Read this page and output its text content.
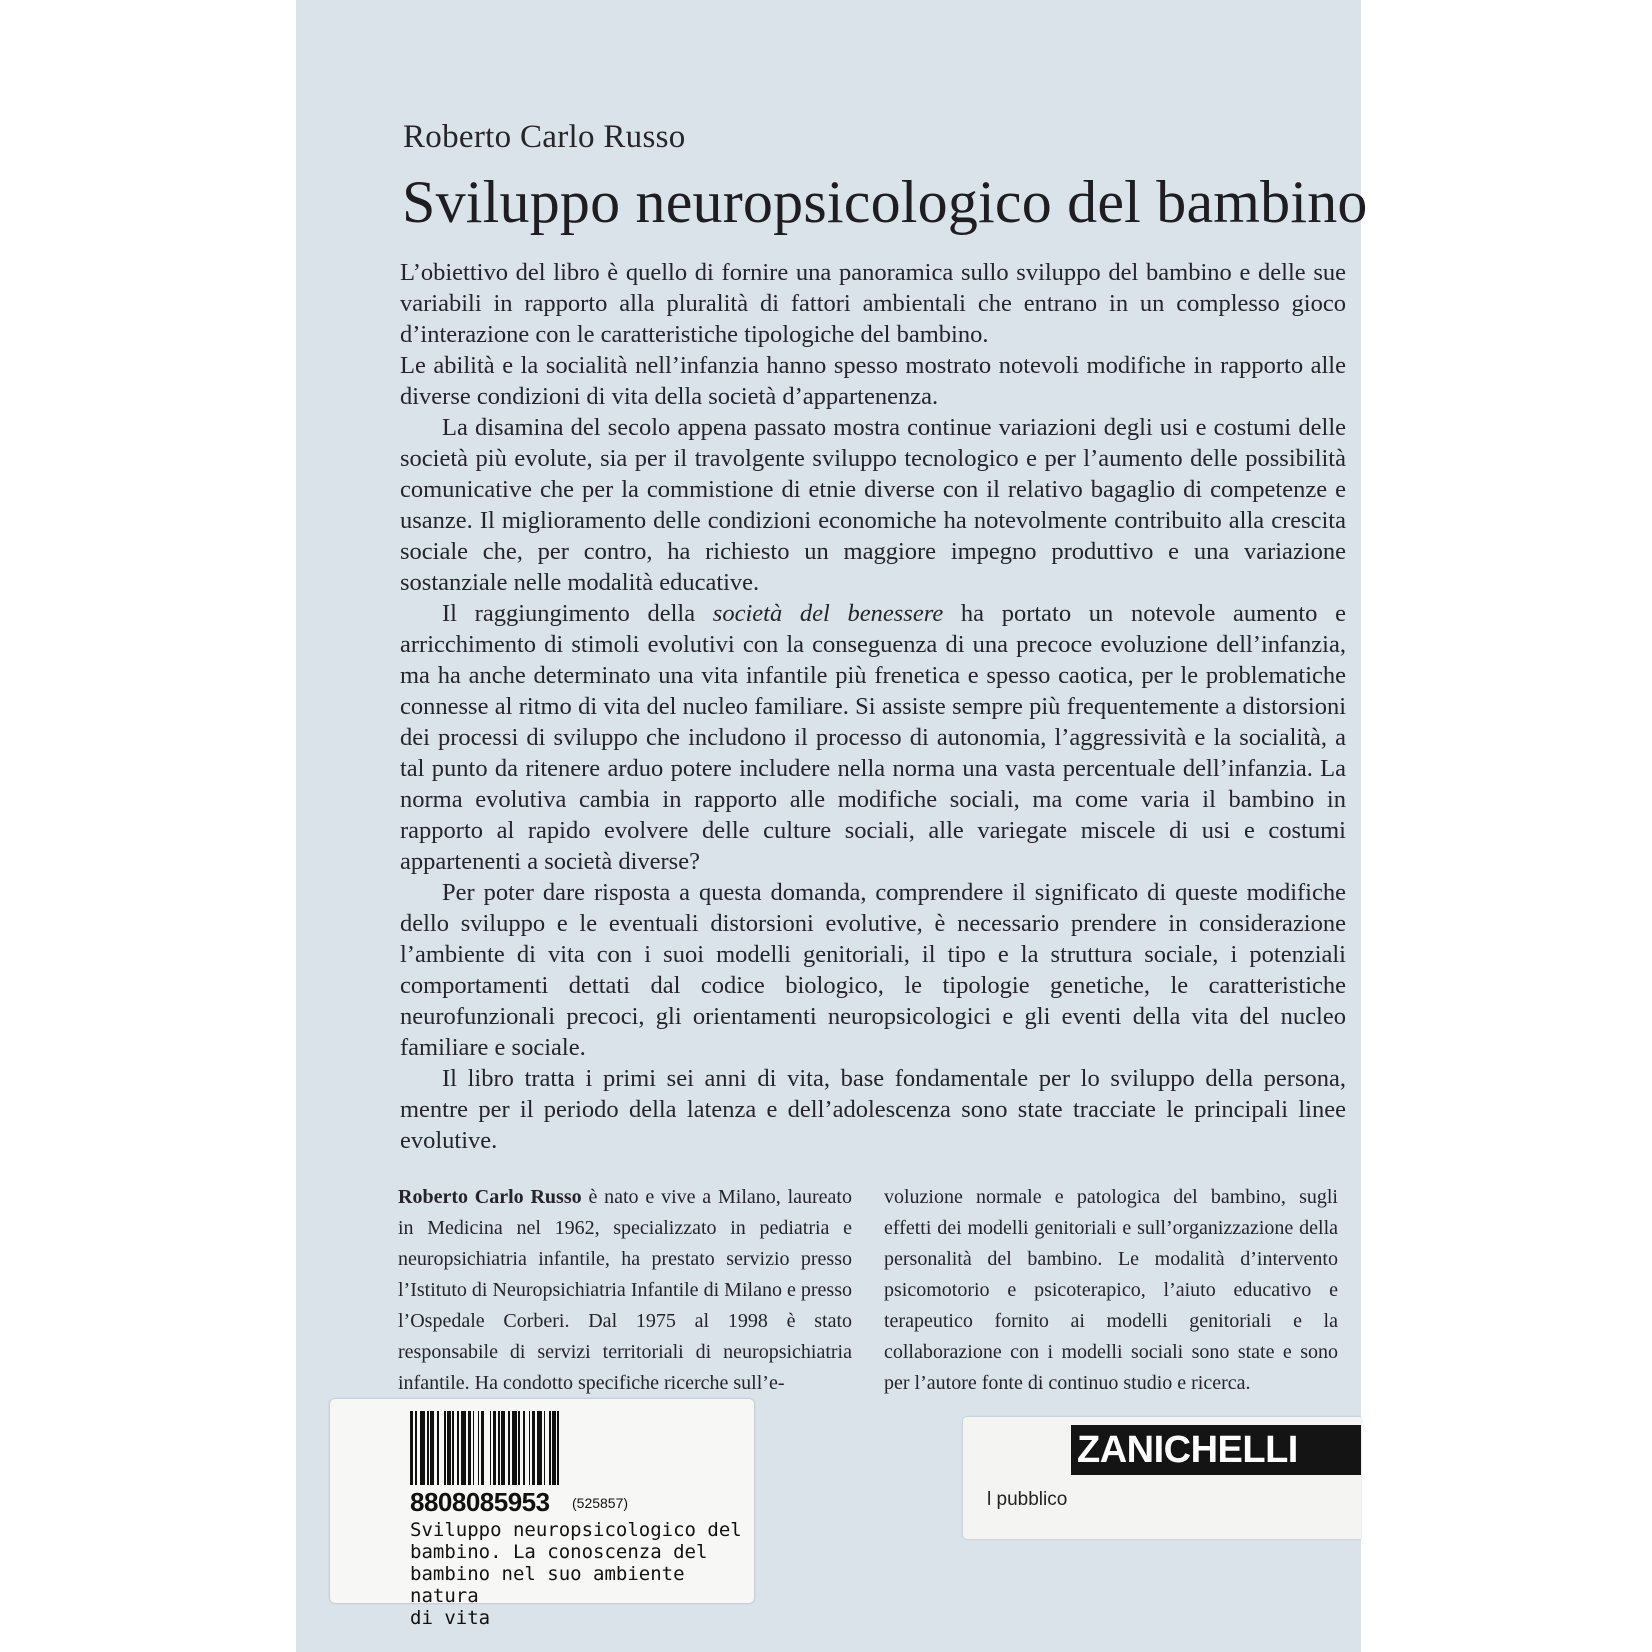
Roberto Carlo Russo
Sviluppo neuropsicologico del bambino

L’obiettivo del libro è quello di fornire una panoramica sullo sviluppo del bambino e delle sue variabili in rapporto alla pluralità di fattori ambientali che entrano in un complesso gioco d’interazione con le caratteristiche tipologiche del bambino.

Le abilità e la socialità nell’infanzia hanno spesso mostrato notevoli modifiche in rapporto alle diverse condizioni di vita della società d’appartenenza.

La disamina del secolo appena passato mostra continue variazioni degli usi e costumi delle società più evolute, sia per il travolgente sviluppo tecnologico e per l’aumento delle possibilità comunicative che per la commistione di etnie diverse con il relativo bagaglio di competenze e usanze. Il miglioramento delle condizioni economiche ha notevolmente contribuito alla crescita sociale che, per contro, ha richiesto un maggiore impegno produttivo e una variazione sostanziale nelle modalità educative.

Il raggiungimento della società del benessere ha portato un notevole aumento e arricchimento di stimoli evolutivi con la conseguenza di una precoce evoluzione dell’infanzia, ma ha anche determinato una vita infantile più frenetica e spesso caotica, per le problematiche connesse al ritmo di vita del nucleo familiare. Si assiste sempre più frequentemente a distorsioni dei processi di sviluppo che includono il processo di autonomia, l’aggressività e la socialità, a tal punto da ritenere arduo potere includere nella norma una vasta percentuale dell’infanzia. La norma evolutiva cambia in rapporto alle modifiche sociali, ma come varia il bambino in rapporto al rapido evolvere delle culture sociali, alle variegate miscele di usi e costumi appartenenti a società diverse?

Per poter dare risposta a questa domanda, comprendere il significato di queste modifiche dello sviluppo e le eventuali distorsioni evolutive, è necessario prendere in considerazione l’ambiente di vita con i suoi modelli genitoriali, il tipo e la struttura sociale, i potenziali comportamenti dettati dal codice biologico, le tipologie genetiche, le caratteristiche neurofunzionali precoci, gli orientamenti neuropsicologici e gli eventi della vita del nucleo familiare e sociale.

Il libro tratta i primi sei anni di vita, base fondamentale per lo sviluppo della persona, mentre per il periodo della latenza e dell’adolescenza sono state tracciate le principali linee evolutive.

Roberto Carlo Russo è nato e vive a Milano, laureato in Medicina nel 1962, specializzato in pediatria e neuropsichiatria infantile, ha prestato servizio presso l’Istituto di Neuropsichiatria Infantile di Milano e presso l’Ospedale Corberi. Dal 1975 al 1998 è stato responsabile di servizi territoriali di neuropsichiatria infantile. Ha condotto specifiche ricerche sull’e-
voluzione normale e patologica del bambino, sugli effetti dei modelli genitoriali e sull’organizzazione della personalità del bambino. Le modalità d’intervento psicomotorio e psicoterapico, l’aiuto educativo e terapeutico fornito ai modelli genitoriali e la collaborazione con i modelli sociali sono state e sono per l’autore fonte di continuo studio e ricerca.
ZANICHELLI
l pubblico
8808085953 (525857)
Sviluppo neuropsicologico del
bambino. La conoscenza del
bambino nel suo ambiente natura
di vita
